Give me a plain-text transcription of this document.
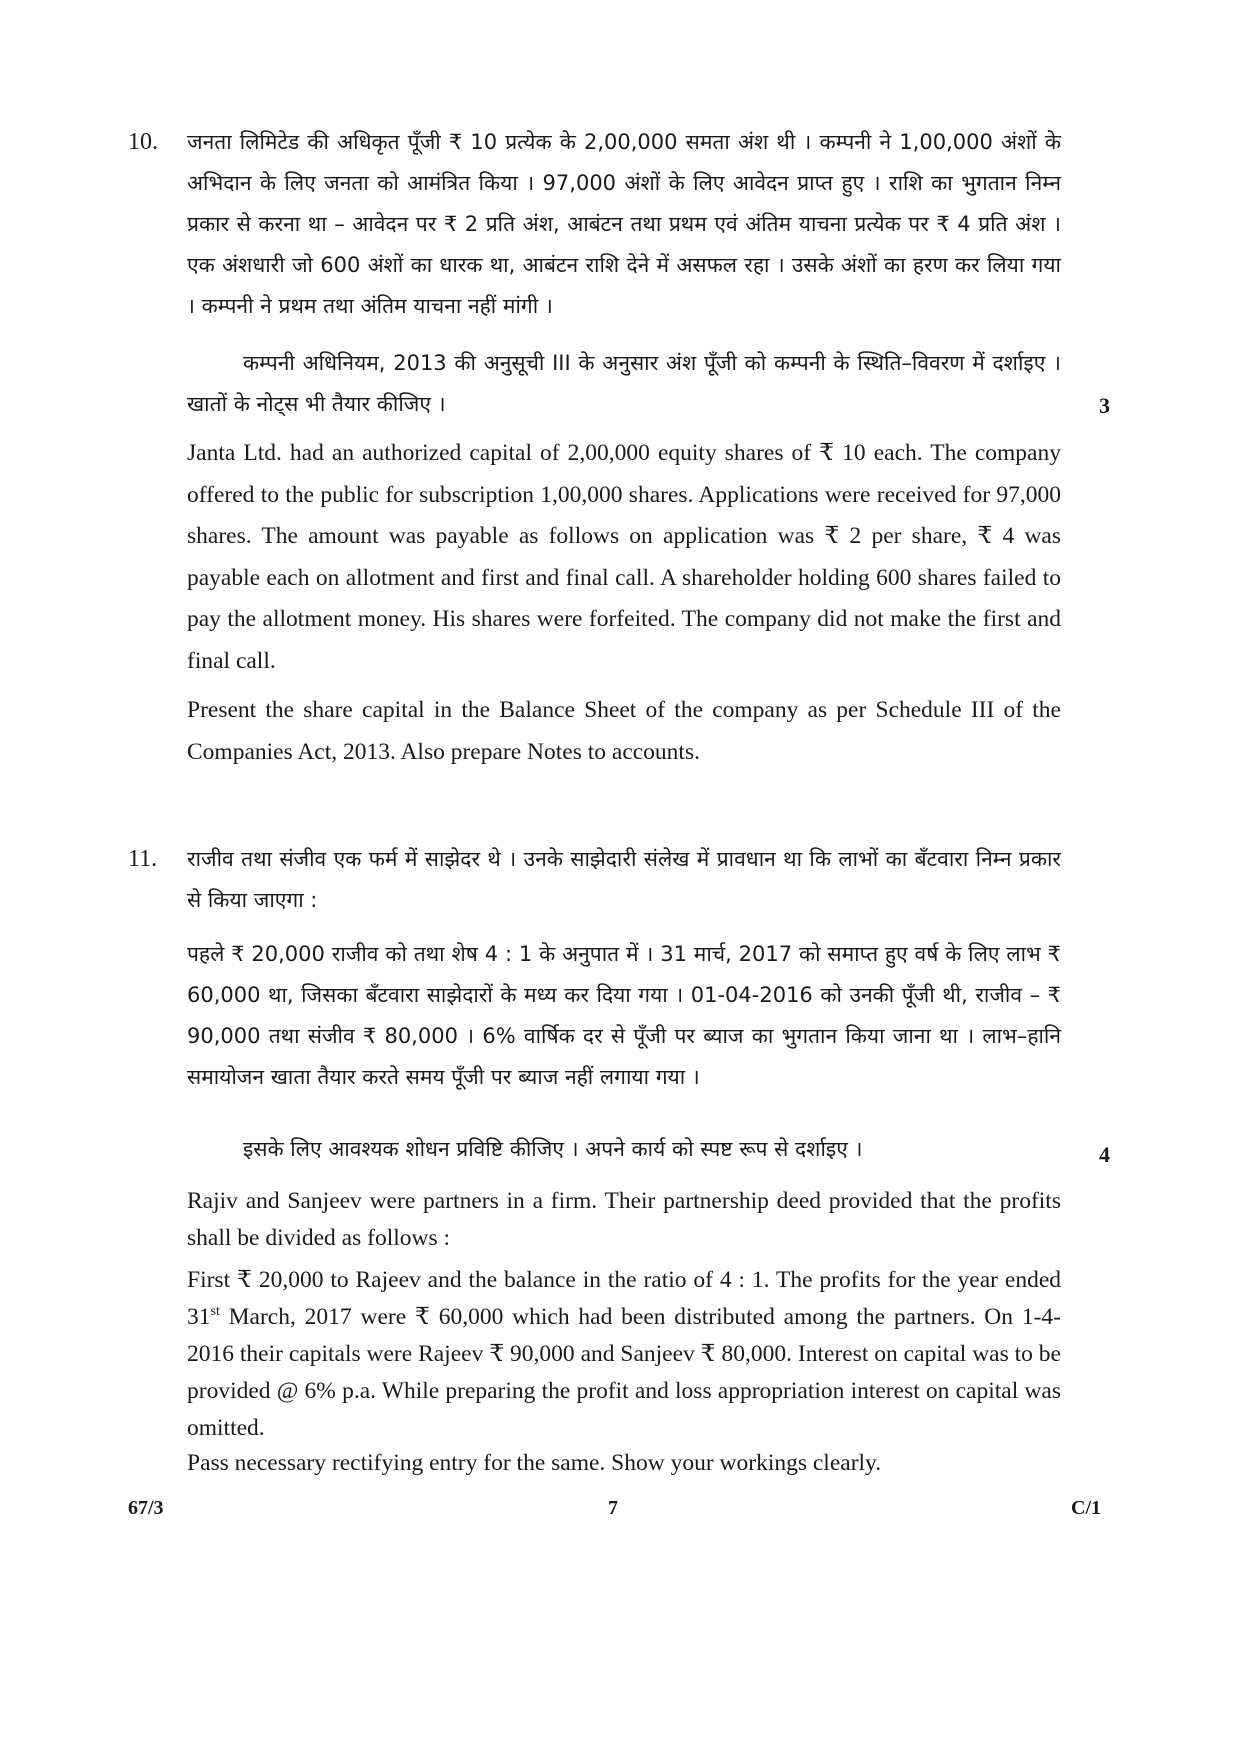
10. जनता लिमिटेड की अधिकृत पूँजी ₹ 10 प्रत्येक के 2,00,000 समता अंश थी । कम्पनी ने 1,00,000 अंशों के अभिदान के लिए जनता को आमंत्रित किया । 97,000 अंशों के लिए आवेदन प्राप्त हुए । राशि का भुगतान निम्न प्रकार से करना था – आवेदन पर ₹ 2 प्रति अंश, आबंटन तथा प्रथम एवं अंतिम याचना प्रत्येक पर ₹ 4 प्रति अंश । एक अंशधारी जो 600 अंशों का धारक था, आबंटन राशि देने में असफल रहा । उसके अंशों का हरण कर लिया गया । कम्पनी ने प्रथम तथा अंतिम याचना नहीं मांगी ।

कम्पनी अधिनियम, 2013 की अनुसूची III के अनुसार अंश पूँजी को कम्पनी के स्थिति–विवरण में दर्शाइए । खातों के नोट्स भी तैयार कीजिए ।	3

Janta Ltd. had an authorized capital of 2,00,000 equity shares of ₹ 10 each. The company offered to the public for subscription 1,00,000 shares. Applications were received for 97,000 shares. The amount was payable as follows on application was ₹ 2 per share, ₹ 4 was payable each on allotment and first and final call. A shareholder holding 600 shares failed to pay the allotment money. His shares were forfeited. The company did not make the first and final call.

Present the share capital in the Balance Sheet of the company as per Schedule III of the Companies Act, 2013. Also prepare Notes to accounts.

11. राजीव तथा संजीव एक फर्म में साझेदर थे । उनके साझेदारी संलेख में प्रावधान था कि लाभों का बँटवारा निम्न प्रकार से किया जाएगा :

पहले ₹ 20,000 राजीव को तथा शेष 4 : 1 के अनुपात में । 31 मार्च, 2017 को समाप्त हुए वर्ष के लिए लाभ ₹ 60,000 था, जिसका बँटवारा साझेदारों के मध्य कर दिया गया । 01-04-2016 को उनकी पूँजी थी, राजीव – ₹ 90,000 तथा संजीव ₹ 80,000 । 6% वार्षिक दर से पूँजी पर ब्याज का भुगतान किया जाना था । लाभ–हानि समायोजन खाता तैयार करते समय पूँजी पर ब्याज नहीं लगाया गया ।

इसके लिए आवश्यक शोधन प्रविष्टि कीजिए । अपने कार्य को स्पष्ट रूप से दर्शाइए ।	4

Rajiv and Sanjeev were partners in a firm. Their partnership deed provided that the profits shall be divided as follows :

First ₹ 20,000 to Rajeev and the balance in the ratio of 4 : 1. The profits for the year ended 31st March, 2017 were ₹ 60,000 which had been distributed among the partners. On 1-4-2016 their capitals were Rajeev ₹ 90,000 and Sanjeev ₹ 80,000. Interest on capital was to be provided @ 6% p.a. While preparing the profit and loss appropriation interest on capital was omitted.

Pass necessary rectifying entry for the same. Show your workings clearly.

67/3	7	C/1
